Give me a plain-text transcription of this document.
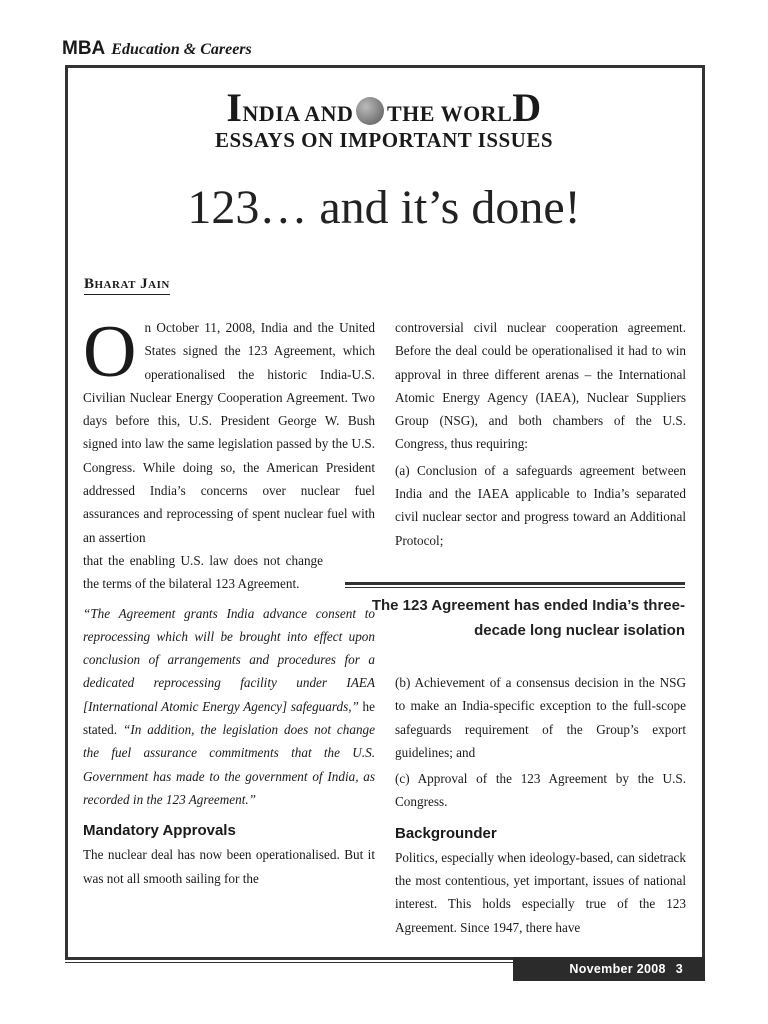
MBA Education & Careers
INDIA AND THE WORLD
ESSAYS ON IMPORTANT ISSUES
123… and it’s done!
Bharat Jain

On October 11, 2008, India and the United States signed the 123 Agreement, which operationalised the historic India-U.S. Civilian Nuclear Energy Cooperation Agreement. Two days before this, U.S. President George W. Bush signed into law the same legislation passed by the U.S. Congress. While doing so, the American President addressed India’s concerns over nuclear fuel assurances and reprocessing of spent nuclear fuel with an assertion

that the enabling U.S. law does not change the terms of the bilateral 123 Agreement.

“The Agreement grants India advance consent to reprocessing which will be brought into effect upon conclusion of arrangements and procedures for a dedicated reprocessing facility under IAEA [International Atomic Energy Agency] safeguards,” he stated. “In addition, the legislation does not change the fuel assurance commitments that the U.S. Government has made to the government of India, as recorded in the 123 Agreement.”

Mandatory Approvals

The nuclear deal has now been operationalised. But it was not all smooth sailing for the

controversial civil nuclear cooperation agreement. Before the deal could be operationalised it had to win approval in three different arenas – the International Atomic Energy Agency (IAEA), Nuclear Suppliers Group (NSG), and both chambers of the U.S. Congress, thus requiring:

(a) Conclusion of a safeguards agreement between India and the IAEA applicable to India’s separated civil nuclear sector and progress toward an Additional Protocol;

The 123 Agreement has ended India’s three-decade long nuclear isolation

(b) Achievement of a consensus decision in the NSG to make an India-specific exception to the full-scope safeguards requirement of the Group’s export guidelines; and

(c) Approval of the 123 Agreement by the U.S. Congress.

Backgrounder

Politics, especially when ideology-based, can sidetrack the most contentious, yet important, issues of national interest. This holds especially true of the 123 Agreement. Since 1947, there have

November 2008 3
